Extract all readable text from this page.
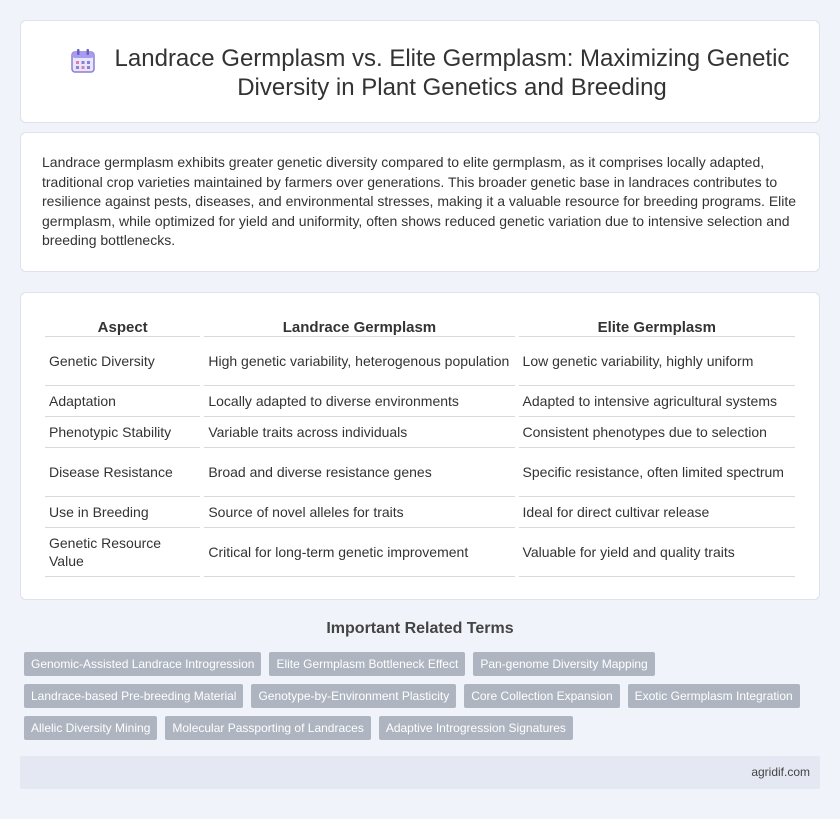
Landrace Germplasm vs. Elite Germplasm: Maximizing Genetic Diversity in Plant Genetics and Breeding

Landrace germplasm exhibits greater genetic diversity compared to elite germplasm, as it comprises locally adapted, traditional crop varieties maintained by farmers over generations. This broader genetic base in landraces contributes to resilience against pests, diseases, and environmental stresses, making it a valuable resource for breeding programs. Elite germplasm, while optimized for yield and uniformity, often shows reduced genetic variation due to intensive selection and breeding bottlenecks.

Aspect	Landrace Germplasm	Elite Germplasm
Genetic Diversity	High genetic variability, heterogenous population	Low genetic variability, highly uniform
Adaptation	Locally adapted to diverse environments	Adapted to intensive agricultural systems
Phenotypic Stability	Variable traits across individuals	Consistent phenotypes due to selection
Disease Resistance	Broad and diverse resistance genes	Specific resistance, often limited spectrum
Use in Breeding	Source of novel alleles for traits	Ideal for direct cultivar release
Genetic Resource Value	Critical for long-term genetic improvement	Valuable for yield and quality traits
Important Related Terms
Genomic-Assisted Landrace Introgression	Elite Germplasm Bottleneck Effect	Pan-genome Diversity Mapping
Landrace-based Pre-breeding Material	Genotype-by-Environment Plasticity	Core Collection Expansion	Exotic Germplasm Integration
Allelic Diversity Mining	Molecular Passporting of Landraces	Adaptive Introgression Signatures
agridif.com
